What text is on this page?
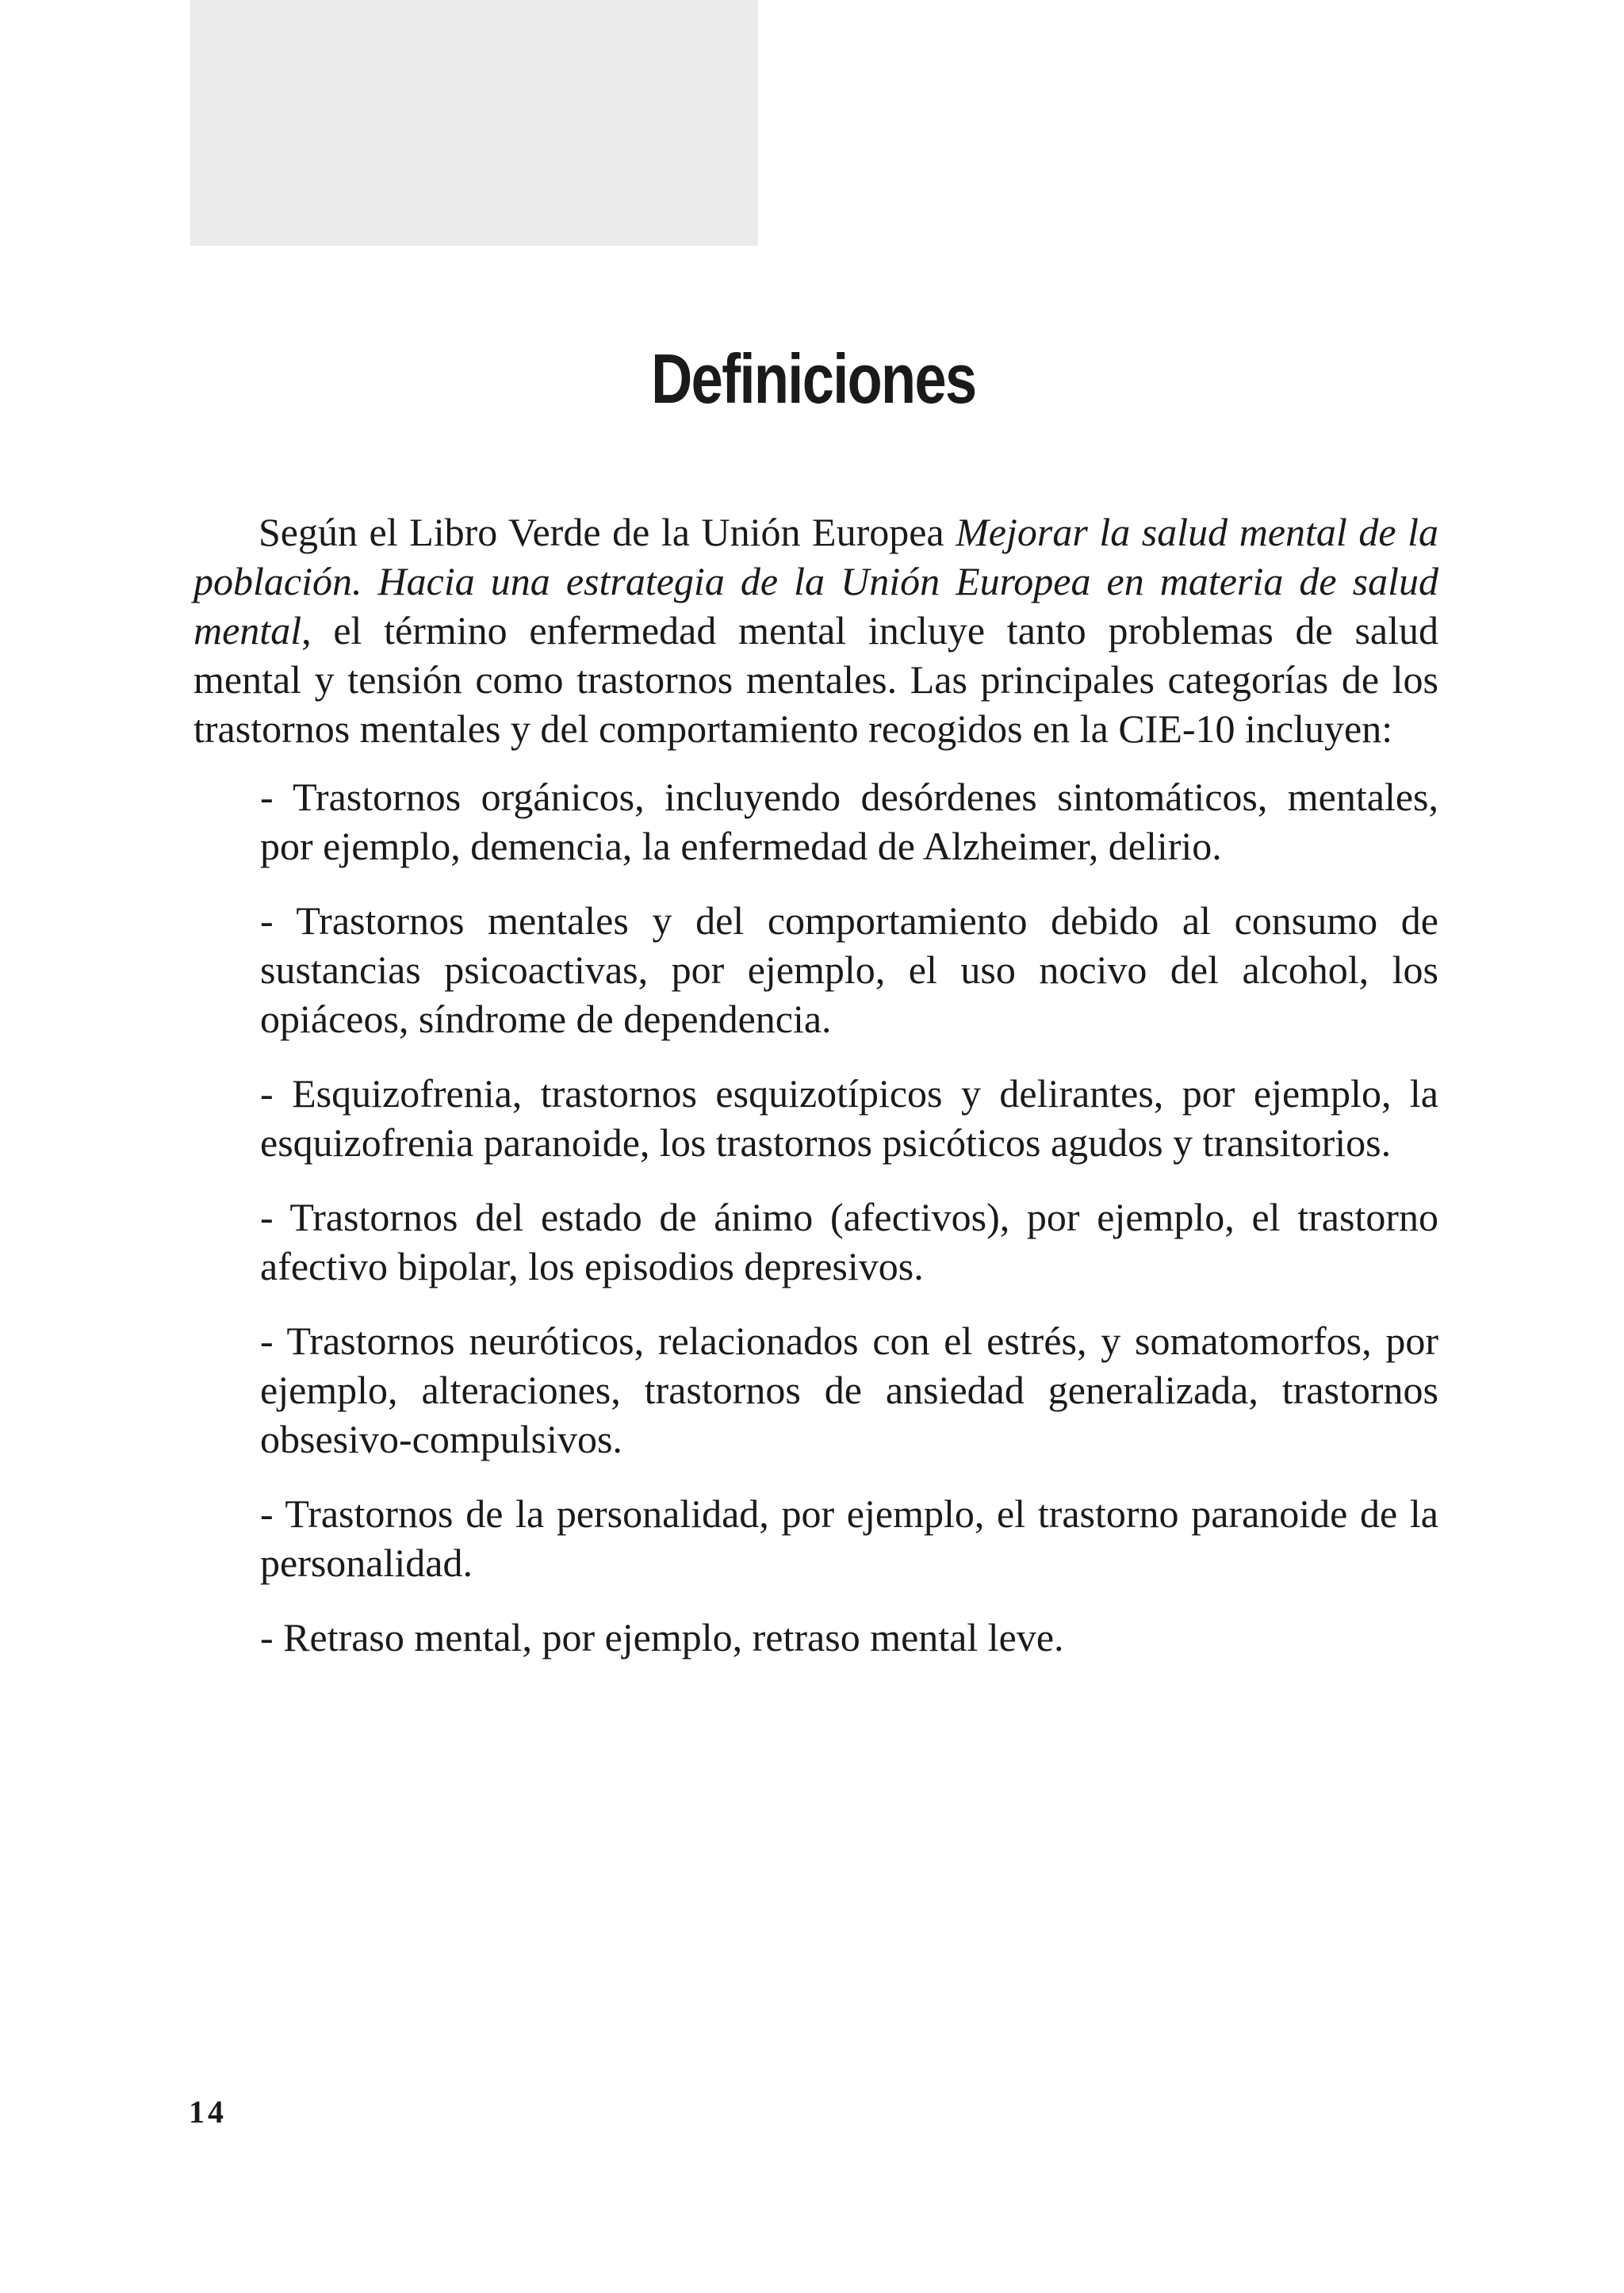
Definiciones

Según el Libro Verde de la Unión Europea Mejorar la salud mental de la población. Hacia una estrategia de la Unión Europea en materia de salud mental, el término enfermedad mental incluye tanto problemas de salud mental y tensión como trastornos mentales. Las principales categorías de los trastornos mentales y del comportamiento recogidos en la CIE-10 incluyen:

- Trastornos orgánicos, incluyendo desórdenes sintomáticos, mentales, por ejemplo, demencia, la enfermedad de Alzheimer, delirio.
- Trastornos mentales y del comportamiento debido al consumo de sustancias psicoactivas, por ejemplo, el uso nocivo del alcohol, los opiáceos, síndrome de dependencia.
- Esquizofrenia, trastornos esquizotípicos y delirantes, por ejemplo, la esquizofrenia paranoide, los trastornos psicóticos agudos y transitorios.
- Trastornos del estado de ánimo (afectivos), por ejemplo, el trastorno afectivo bipolar, los episodios depresivos.
- Trastornos neuróticos, relacionados con el estrés, y somatomorfos, por ejemplo, alteraciones, trastornos de ansiedad generalizada, trastornos obsesivo-compulsivos.
- Trastornos de la personalidad, por ejemplo, el trastorno paranoide de la personalidad.
- Retraso mental, por ejemplo, retraso mental leve.
14
